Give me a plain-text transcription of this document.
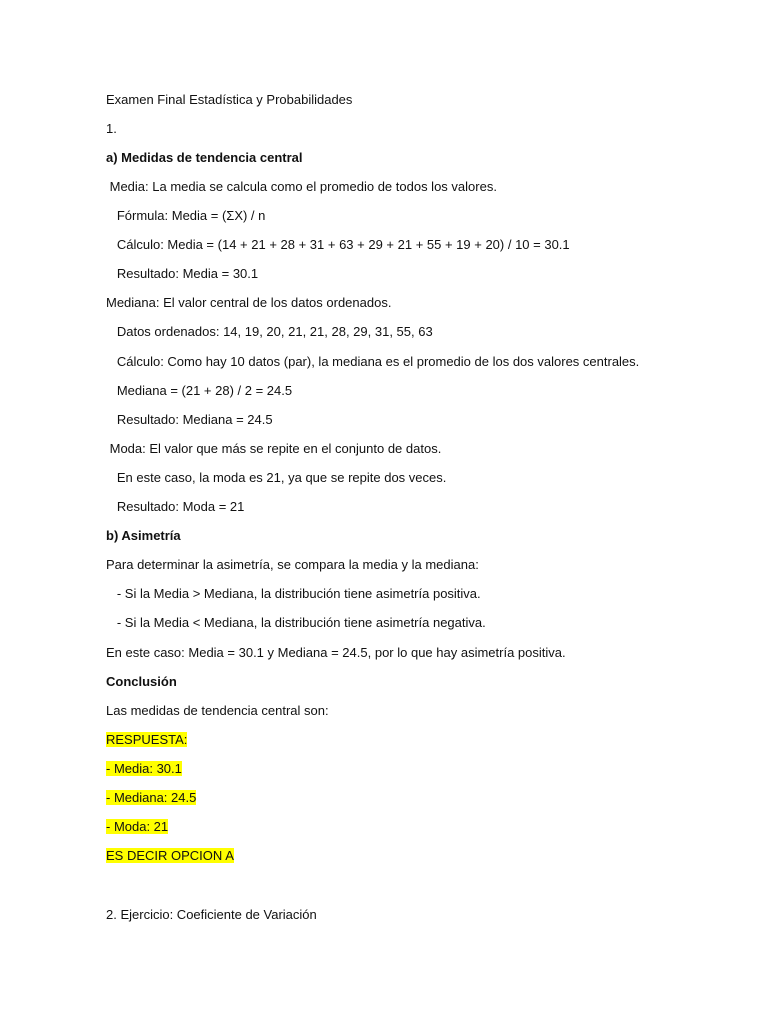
Examen Final Estadística y Probabilidades
1.
a) Medidas de tendencia central
Media: La media se calcula como el promedio de todos los valores.
Fórmula: Media = (ΣX) / n
Cálculo: Media = (14 + 21 + 28 + 31 + 63 + 29 + 21 + 55 + 19 + 20) / 10 = 30.1
Resultado: Media = 30.1
Mediana: El valor central de los datos ordenados.
Datos ordenados: 14, 19, 20, 21, 21, 28, 29, 31, 55, 63
Cálculo: Como hay 10 datos (par), la mediana es el promedio de los dos valores centrales.
Mediana = (21 + 28) / 2 = 24.5
Resultado: Mediana = 24.5
Moda: El valor que más se repite en el conjunto de datos.
En este caso, la moda es 21, ya que se repite dos veces.
Resultado: Moda = 21
b) Asimetría
Para determinar la asimetría, se compara la media y la mediana:
- Si la Media > Mediana, la distribución tiene asimetría positiva.
- Si la Media < Mediana, la distribución tiene asimetría negativa.
En este caso: Media = 30.1 y Mediana = 24.5, por lo que hay asimetría positiva.
Conclusión
Las medidas de tendencia central son:
RESPUESTA:
- Media: 30.1
- Mediana: 24.5
- Moda: 21
ES DECIR OPCION A
2. Ejercicio: Coeficiente de Variación
